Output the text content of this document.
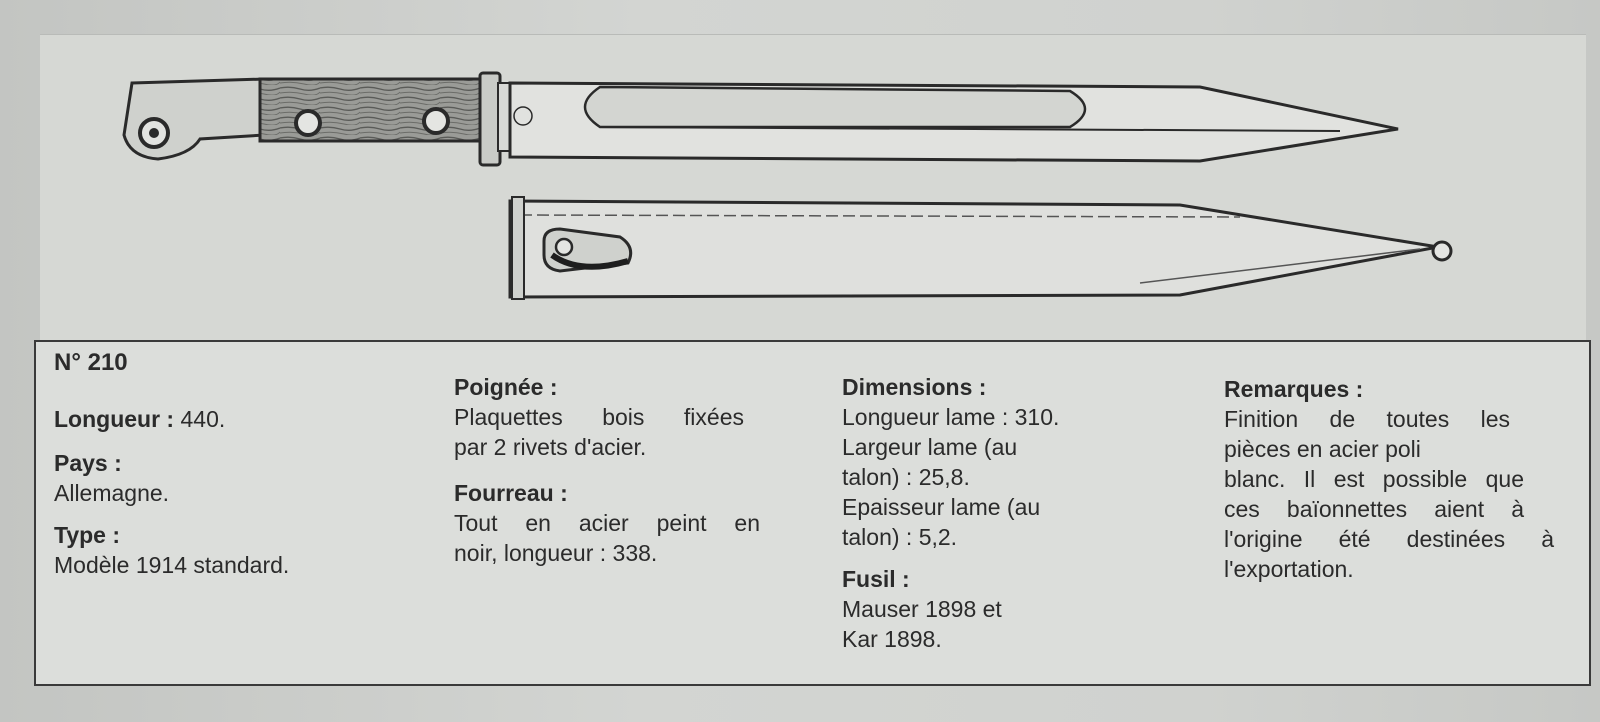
N° 210
Longueur : 440.
Pays :
Allemagne.
Type :
Modèle 1914 standard.
Poignée :
Plaquettes bois fixées
par 2 rivets d'acier.
Fourreau :
Tout en acier peint en
noir, longueur : 338.
Dimensions :
Longueur lame : 310.
Largeur lame (au
talon) : 25,8.
Epaisseur lame (au
talon) : 5,2.
Fusil :
Mauser 1898 et
Kar 1898.
Remarques :
Finition de toutes les
pièces en acier poli
blanc. Il est possible que
ces baïonnettes aient à
l'origine été destinées à
l'exportation.
